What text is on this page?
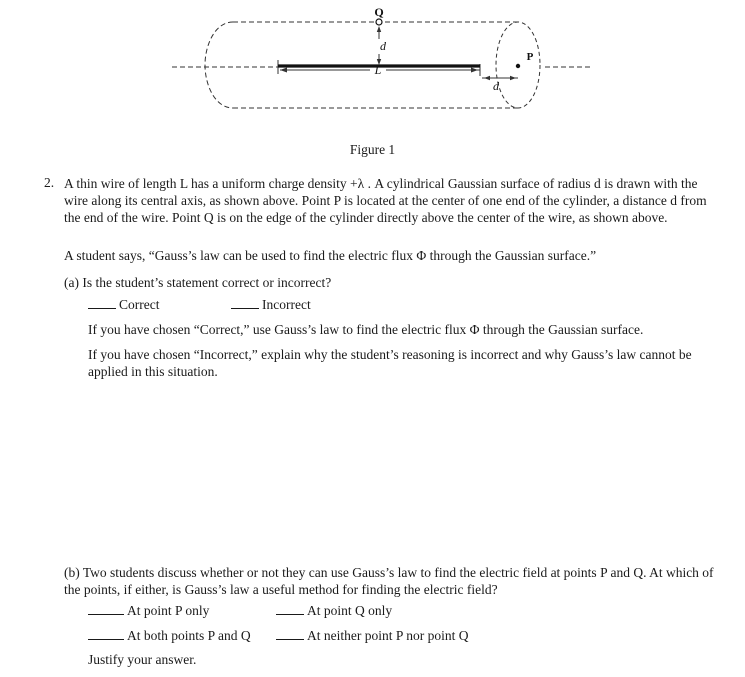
Q
P
d
L
d
Figure 1
2. A thin wire of length L has a uniform charge density +λ . A cylindrical Gaussian surface of radius d is drawn with the wire along its central axis, as shown above. Point P is located at the center of one end of the cylinder, a distance d from the end of the wire. Point Q is on the edge of the cylinder directly above the center of the wire, as shown above.
A student says, “Gauss’s law can be used to find the electric flux Φ through the Gaussian surface.”
(a) Is the student’s statement correct or incorrect?
Correct	Incorrect
If you have chosen “Correct,” use Gauss’s law to find the electric flux Φ through the Gaussian surface.
If you have chosen “Incorrect,” explain why the student’s reasoning is incorrect and why Gauss’s law cannot be applied in this situation.
(b) Two students discuss whether or not they can use Gauss’s law to find the electric field at points P and Q. At which of the points, if either, is Gauss’s law a useful method for finding the electric field?
At point P only	At point Q only
At both points P and Q	At neither point P nor point Q
Justify your answer.
